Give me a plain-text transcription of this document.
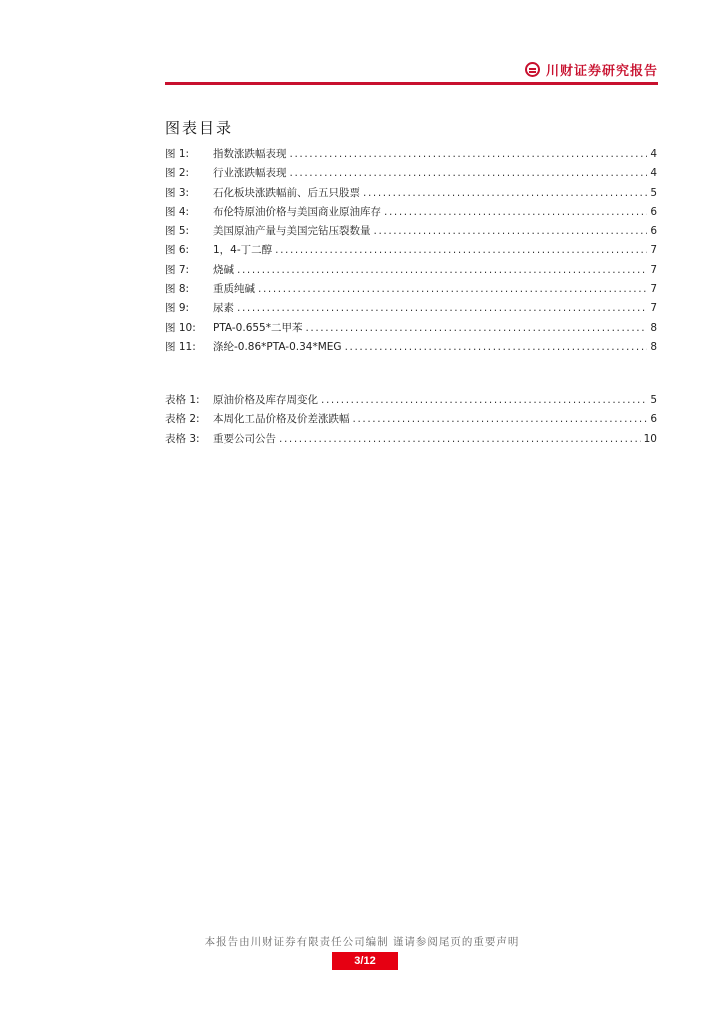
川财证券研究报告
图表目录
图 1:	指数涨跌幅表现 .....	4
图 2:	行业涨跌幅表现 .....	4
图 3:	石化板块涨跌幅前、后五只股票 .....	5
图 4:	布伦特原油价格与美国商业原油库存 .....	6
图 5:	美国原油产量与美国完钻压裂数量 .....	6
图 6:	1，4-丁二醇 .....	7
图 7:	烧碱 .....	7
图 8:	重质纯碱 .....	7
图 9:	尿素 .....	7
图 10:	PTA-0.655*二甲苯 .....	8
图 11:	涤纶-0.86*PTA-0.34*MEG .....	8
表格 1:	原油价格及库存周变化 .....	5
表格 2:	本周化工品价格及价差涨跌幅 .....	6
表格 3:	重要公司公告 .....	10
本报告由川财证券有限责任公司编制 谨请参阅尾页的重要声明
3/12
